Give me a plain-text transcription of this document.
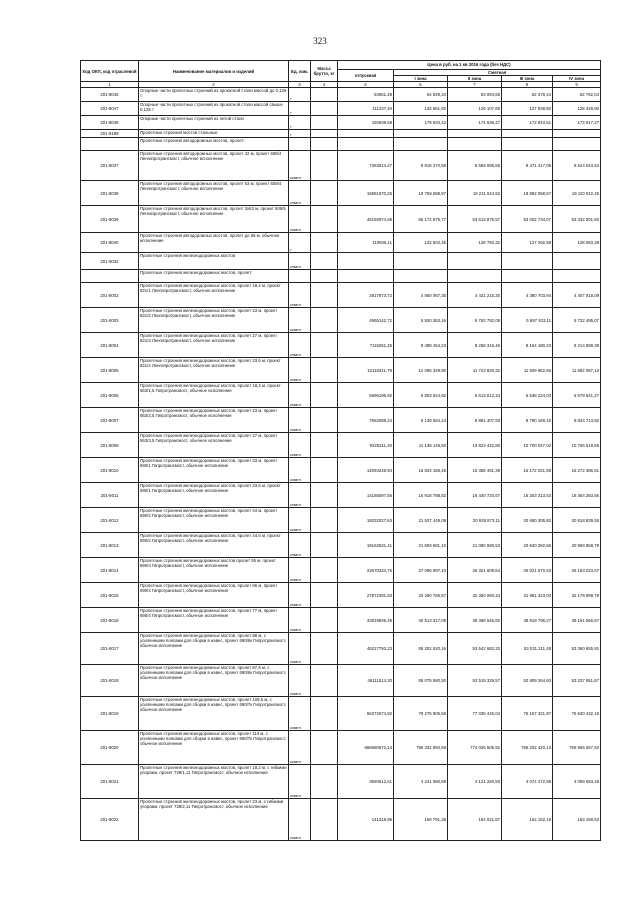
323
Код ОКП, код отраслевой	Наименование материалов и изделий	Ед. изм.	Масса брутто, кг	Цена в руб. на 1 кв 2016 года (без НДС)				
				отпускная	Сметная			
					I зона	II зона	III зона	IV зона
1	2	3	4	5	6	7	8	9
201-8046	Опорные части пролетных строений из прокатной стали массой до 0,125 т	т		54061,48	64 929,34	63 094,68	62 378,44	62 762,04
201-8047	Опорные части пролетных строений из прокатной стали массой свыше 0,125 т	т		111237,40	132 661,92	129 107,69	127 838,50	128 429,90
201-8048	Опорные части пролетных строений из литой стали	т		150638,68	179 933,42	174 636,47	172 843,51	173 917,27
201-9189	Пролетные строения мостов стальные	т						
	Пролетные строения автодорожных мостов, пролет:							
201-8037	Пролетные строения автодорожных мостов, пролет 42 м, проект 608/4 Ленгипротрансмост, обычное исполнение	компл.		7383014,47	8 818 270,56	8 569 095,65	8 471 417,06	8 524 043,62
201-8038	Пролетные строения автодорожных мостов, пролет 63 м, проект 608/4 Ленгипротрансмост, обычное исполнение	компл.		16551970,25	19 769 688,97	19 211 044,52	18 992 058,57	19 110 042,45
201-8039	Пролетные строения автодорожных мостов, пролет 3х63 м, проект 608/5 Ленгипротрансмост, обычное исполнение	компл.		46192974,59	55 172 876,77	53 613 876,57	53 002 734,07	53 332 001,60
201-8040	Пролетные строения автодорожных мостов, пролет до 66 м, обычное исполнение	т		110936,11	132 504,45	128 760,32	127 292,59	128 083,38
201-9032	Пролетные строения железнодорожных мостов	компл.						
	Пролетные строения железнодорожных мостов, пролет:							
201-8002	Пролетные строения железнодорожных мостов, пролет 18,2 м, проект 821/1 Ленгипротрансмост, обычное исполнение	компл.		3817873,72	4 560 067,35	4 431 215,20	4 380 703,94	4 407 918,09
201-8003	Пролетные строения железнодорожных мостов, пролет 23 м, проект 821/2 Ленгипротрансмост, обычное исполнение	компл.		4965142,72	5 930 363,16	5 762 792,08	5 697 103,11	5 732 495,07
201-8004	Пролетные строения железнодорожных мостов, пролет 27 м, проект 821/3 Ленгипротрансмост, обычное исполнение	компл.		7115251,25	8 498 454,23	8 258 316,46	8 164 180,23	8 214 898,38
201-8005	Пролетные строения железнодорожных мостов, пролет 33,6 м, проект 821/4 Ленгипротрансмост, обычное исполнение	компл.		10118321,79	12 085 329,90	11 743 830,32	11 609 962,66	11 682 087,13
201-8006	Пролетные строения железнодорожных мостов, пролет 18,2 м, проект 563/1,5 Гипротрансмост, обычное исполнение	компл.		5696196,92	6 803 624,92	6 613 612,34	6 538 224,03	6 578 841,27
201-8007	Пролетные строения железнодорожных мостов, пролет 23 м, проект 563/2,5 Гипротрансмост, обычное исполнение	компл.		7652098,24	9 139 664,14	8 881 407,93	8 780 169,10	8 834 713,92
201-8008	Пролетные строения железнодорожных мостов, пролет 27 м, проект 563/3,5 Гипротрансмост, обычное исполнение	компл.		9325311,40	11 138 149,50	10 823 422,80	10 700 047,02	10 766 518,65
201-8010	Пролетные строения железнодорожных мостов, пролет 33 м, проект 690/1 Гипротрансмост, обычное исполнение	компл.		14094248,94	16 834 166,45	16 358 491,39	16 172 021,59	16 272 486,61
201-8011	Пролетные строения железнодорожных мостов, пролет 33,6 м, проект 690/1 Гипротрансмост, обычное исполнение	компл.		14165097,56	16 918 788,82	16 440 720,67	16 253 313,53	16 354 283,56
201-8012	Пролетные строения железнодорожных мостов, пролет 44 м, проект 690/2 Гипротрансмост, обычное исполнение	компл.		18032027,63	21 537 449,08	20 928 873,11	20 690 305,82	20 818 839,55
201-8013	Пролетные строения железнодорожных мостов, пролет 44,6 м, проект 690/2 Гипротрансмост, обычное исполнение	компл.		18162631,41	21 693 681,10	21 080 690,53	20 840 392,56	20 969 858,79
201-8014	Пролетные строения железнодорожных мостов пролет 55 м, проект 690/3 Гипротрансмост, обычное исполнение	компл.		22670334,75	27 086 997,10	26 321 609,64	26 021 570,53	26 183 223,67
201-8015	Пролетные строения железнодорожных мостов, пролет 66 м, проект 690/4 Гипротрансмост, обычное исполнение	компл.		27872391,83	33 290 765,57	32 350 060,34	31 981 323,03	32 179 999,78
201-8016	Пролетные строения железнодорожных мостов, пролет 77 м, проект 690/4 Гипротрансмост, обычное исполнение	компл.		33919935,49	40 513 317,09	39 368 546,82	38 919 796,27	39 161 566,67
201-8017	Пролетные строения железнодорожных мостов, пролет 88 м, с усиленными поясами для сборки в навес, проект 690/6к Гипротрансмост, обычное исполнение	компл.		46217793,23	55 202 520,16	53 642 682,33	53 031 211,48	53 360 655,91
201-8018	Пролетные строения железнодорожных мостов, пролет 87,6 м, с усиленными поясами для сборки в навес, проект 690/6к Гипротрансмост, обычное исполнение	компл.		46111514,20	55 075 580,50	53 519 329,57	52 909 264,60	53 237 951,67
201-8019	Пролетные строения железнодорожных мостов, пролет 109,5 м, с усиленными поясами для сборки в навес, проект 690/7к Гипротрансмост, обычное исполнение	компл.		66372674,92	79 275 905,56	77 035 445,04	76 157 321,97	76 630 432,15
201-8020	Пролетные строения железнодорожных мостов, пролет 110 м, с усиленными поясами для сборки в навес, проект 690/7к Гипротрансмост, обычное исполнение	компл.		666680672,14	796 332 850,69	774 026 506,92	765 202 420,13	769 956 067,52
201-8021	Пролетные строения железнодорожных мостов, пролет 18,2 м, с гибкими упорами, проект 739/1,11 Гипротрансмост, обычное исполнение	компл.		3550612,61	4 241 080,89	4 121 250,93	4 074 272,95	4 099 583,45
201-8022	Пролетные строения железнодорожных мостов, пролет 23 м, с гибкими упорами, проект 739/2,11 Гипротрансмост, обычное исполнение	компл.		141318,96	168 791,35	164 021,87	162 152,19	163 159,53
